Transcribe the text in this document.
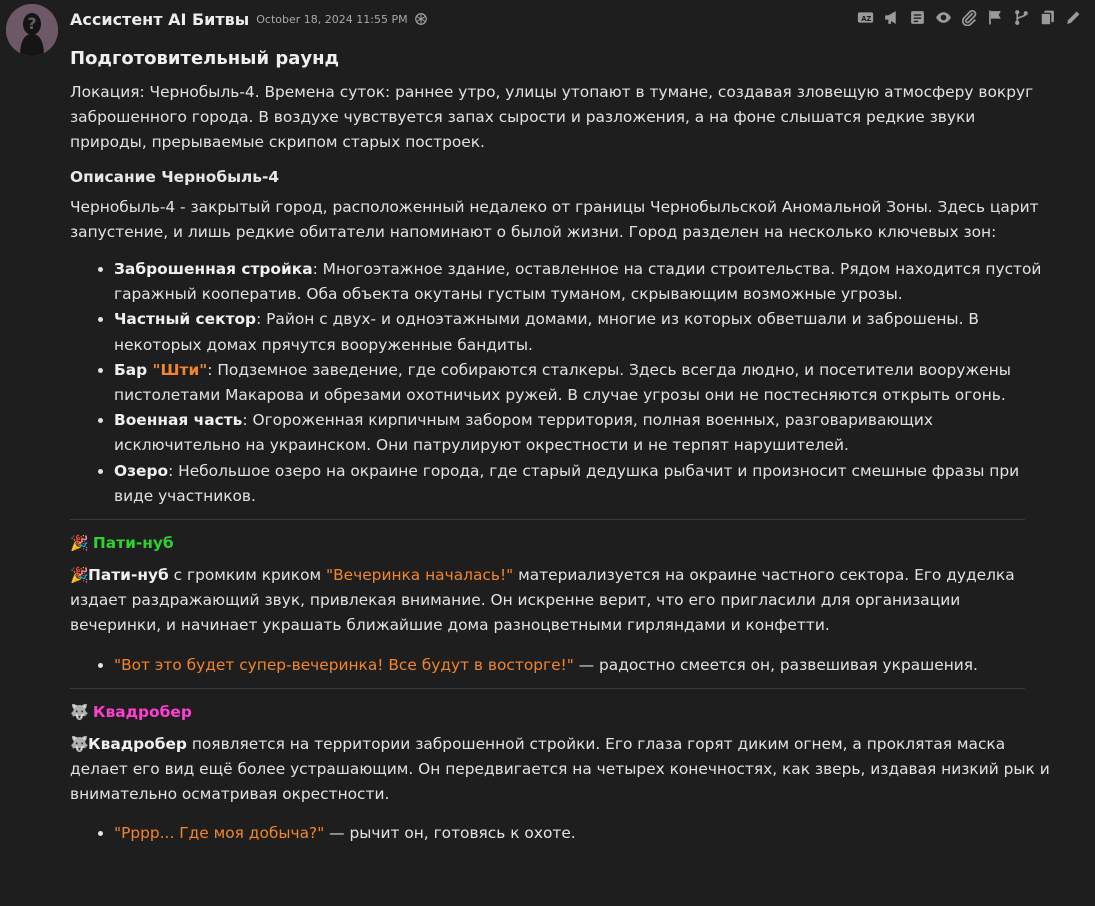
? Ассистент AI Битвы October 18, 2024 11:55 PM	A Z
Подготовительный раунд

Локация: Чернобыль-4. Времена суток: раннее утро, улицы утопают в тумане, создавая зловещую атмосферу вокруг заброшенного города. В воздухе чувствуется запах сырости и разложения, а на фоне слышатся редкие звуки природы, прерываемые скрипом старых построек.

Описание Чернобыль-4

Чернобыль-4 - закрытый город, расположенный недалеко от границы Чернобыльской Аномальной Зоны. Здесь царит запустение, и лишь редкие обитатели напоминают о былой жизни. Город разделен на несколько ключевых зон:

• Заброшенная стройка: Многоэтажное здание, оставленное на стадии строительства. Рядом находится пустой гаражный кооператив. Оба объекта окутаны густым туманом, скрывающим возможные угрозы.
• Частный сектор: Район с двух- и одноэтажными домами, многие из которых обветшали и заброшены. В некоторых домах прячутся вооруженные бандиты.
• Бар "Шти": Подземное заведение, где собираются сталкеры. Здесь всегда людно, и посетители вооружены пистолетами Макарова и обрезами охотничьих ружей. В случае угрозы они не постесняются открыть огонь.
• Военная часть: Огороженная кирпичным забором территория, полная военных, разговаривающих исключительно на украинском. Они патрулируют окрестности и не терпят нарушителей.
• Озеро: Небольшое озеро на окраине города, где старый дедушка рыбачит и произносит смешные фразы при виде участников.
🎉 Пати-нуб

🎉Пати-нуб с громким криком "Вечеринка началась!" материализуется на окраине частного сектора. Его дуделка издает раздражающий звук, привлекая внимание. Он искренне верит, что его пригласили для организации вечеринки, и начинает украшать ближайшие дома разноцветными гирляндами и конфетти.

• "Вот это будет супер-вечеринка! Все будут в восторге!" — радостно смеется он, развешивая украшения.
🐺 Квадробер

🐺Квадробер появляется на территории заброшенной стройки. Его глаза горят диким огнем, а проклятая маска делает его вид ещё более устрашающим. Он передвигается на четырех конечностях, как зверь, издавая низкий рык и внимательно осматривая окрестности.

• "Рррр... Где моя добыча?" — рычит он, готовясь к охоте.
